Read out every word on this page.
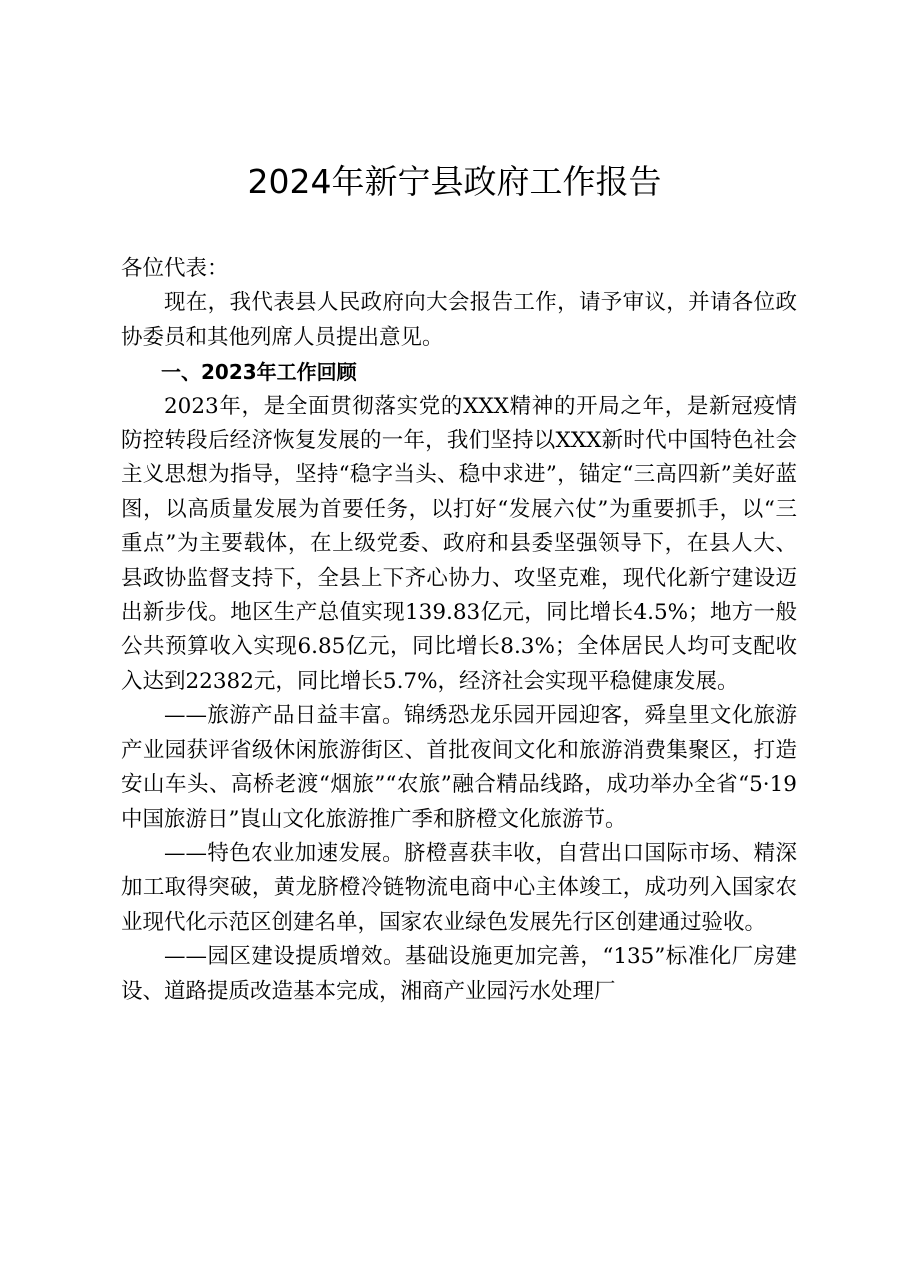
2024年新宁县政府工作报告

各位代表：

现在，我代表县人民政府向大会报告工作，请予审议，并请各位政协委员和其他列席人员提出意见。

一、2023年工作回顾

2023年，是全面贯彻落实党的XXX精神的开局之年，是新冠疫情防控转段后经济恢复发展的一年，我们坚持以XXX新时代中国特色社会主义思想为指导，坚持“稳字当头、稳中求进”，锚定“三高四新”美好蓝图，以高质量发展为首要任务，以打好“发展六仗”为重要抓手，以“三重点”为主要载体，在上级党委、政府和县委坚强领导下，在县人大、县政协监督支持下，全县上下齐心协力、攻坚克难，现代化新宁建设迈出新步伐。地区生产总值实现139.83亿元，同比增长4.5%；地方一般公共预算收入实现6.85亿元，同比增长8.3%；全体居民人均可支配收入达到22382元，同比增长5.7%，经济社会实现平稳健康发展。

——旅游产品日益丰富。锦绣恐龙乐园开园迎客，舜皇里文化旅游产业园获评省级休闲旅游街区、首批夜间文化和旅游消费集聚区，打造安山车头、高桥老渡“烟旅”“农旅”融合精品线路，成功举办全省“5·19中国旅游日”崀山文化旅游推广季和脐橙文化旅游节。

——特色农业加速发展。脐橙喜获丰收，自营出口国际市场、精深加工取得突破，黄龙脐橙冷链物流电商中心主体竣工，成功列入国家农业现代化示范区创建名单，国家农业绿色发展先行区创建通过验收。

——园区建设提质增效。基础设施更加完善，“135”标准化厂房建设、道路提质改造基本完成，湘商产业园污水处理厂
